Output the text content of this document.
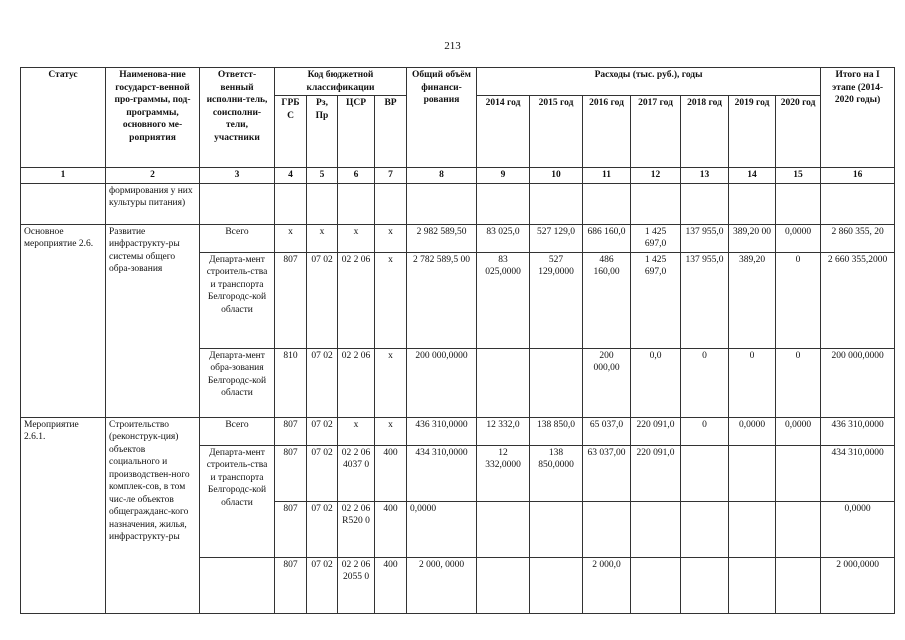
213
Статус	Наименова-ние государст-венной про-граммы, под-программы, основного ме-роприятия	Ответст-венный исполни-тель, соисполни-тели, участники	Код бюджетной классификации				Общий объём финанси-рования	Расходы (тыс. руб.), годы							Итого на I этапе (2014-2020 годы)
			ГРБ С	Рз, Пр	ЦСР	ВР		2014 год	2015 год	2016 год	2017 год	2018 год	2019 год	2020 год	
1	2	3	4	5	6	7	8	9	10	11	12	13	14	15	16
	формирования у них культуры питания)														
Основное мероприятие 2.6.	Развитие инфраструкту-ры системы общего обра-зования	Всего	х	х	х	х	2 982 589,50	83 025,0	527 129,0	686 160,0	1 425 697,0	137 955,0	389,20 00	0,0000	2 860 355, 20
		Департа-мент строитель-ства и транспорта Белгородс-кой области	807	07 02	02 2 06	х	2 782 589,5 00	83 025,0000	527 129,0000	486 160,00	1 425 697,0	137 955,0	389,20	0	2 660 355,2000
		Департа-мент обра-зования Белгородс-кой области	810	07 02	02 2 06	х	200 000,0000			200 000,00	0,0	0	0	0	200 000,0000
Мероприятие 2.6.1.	Строительство (реконструк-ция) объектов социального и производствен-ного комплек-сов, в том чис-ле объектов общегражданс-кого назначения, жилья, инфраструкту-ры	Всего	807	07 02	х	х	436 310,0000	12 332,0	138 850,0	65 037,0	220 091,0	0	0,0000	0,0000	436 310,0000
		Департа-мент строитель-ства и транспорта Белгородс-кой области	807	07 02	02 2 06 4037 0	400	434 310,0000	12 332,0000	138 850,0000	63 037,00	220 091,0				434 310,0000
			807	07 02	02 2 06 R520 0	400	0,0000								0,0000
			807	07 02	02 2 06 2055 0	400	2 000, 0000			2 000,0					2 000,0000
